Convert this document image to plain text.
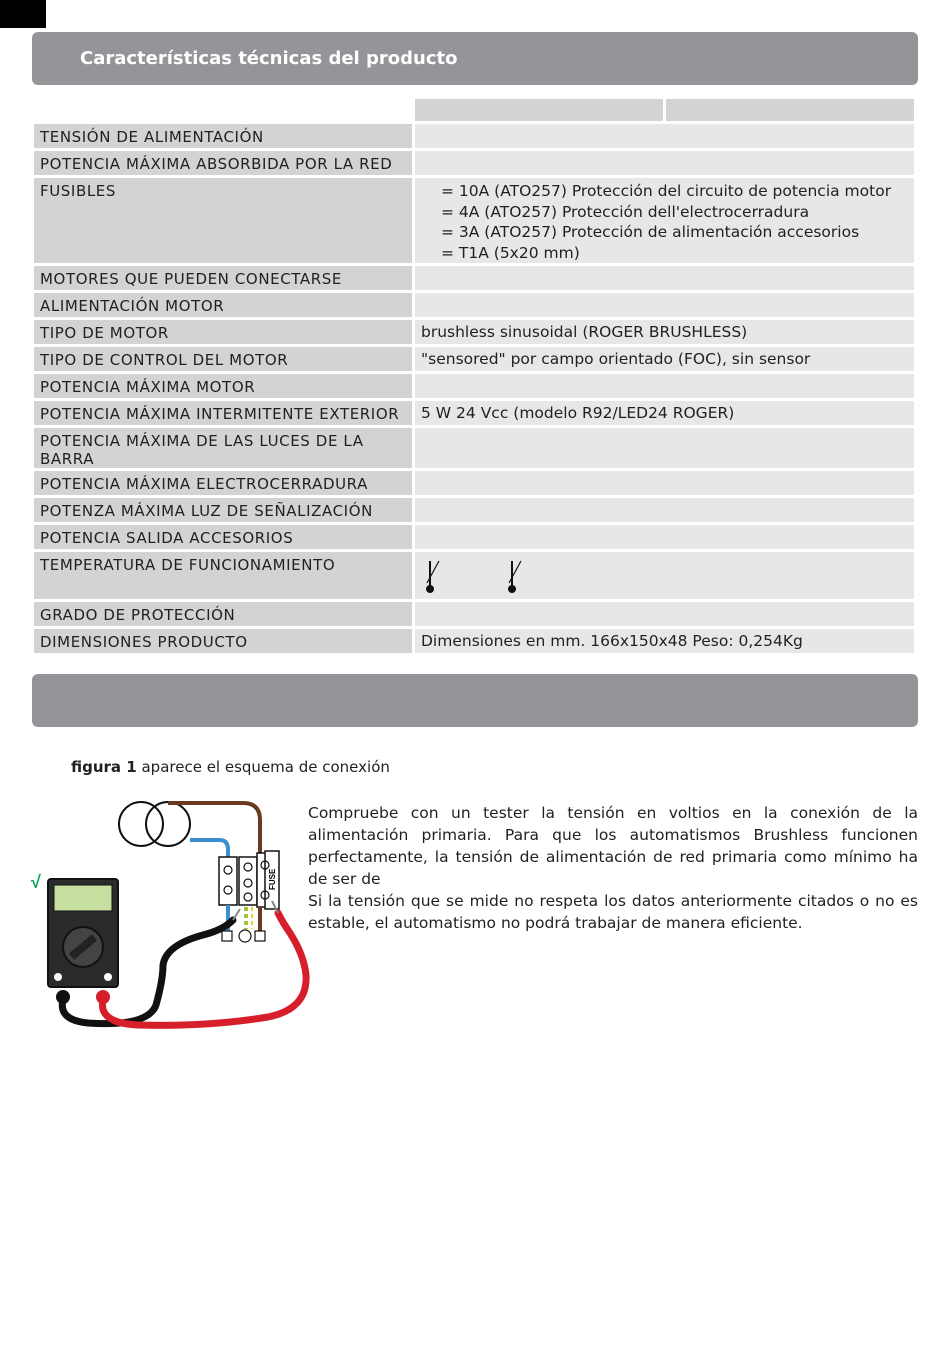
Características técnicas del producto

TENSIÓN DE ALIMENTACIÓN			
POTENCIA MÁXIMA ABSORBIDA POR LA RED			
FUSIBLES	= 10A (ATO257) Protección del circuito de potencia motor
= 4A (ATO257) Protección dell'electrocerradura
= 3A (ATO257) Protección de alimentación accesorios
= T1A (5x20 mm)		

MOTORES QUE PUEDEN CONECTARSE			
ALIMENTACIÓN MOTOR			
TIPO DE MOTOR	brushless sinusoidal (ROGER BRUSHLESS)		
TIPO DE CONTROL DEL MOTOR	"sensored" por campo orientado (FOC), sin sensor		
POTENCIA MÁXIMA MOTOR			
POTENCIA MÁXIMA INTERMITENTE EXTERIOR	5 W 24 Vcc (modelo R92/LED24 ROGER)		
POTENCIA MÁXIMA DE LAS LUCES DE LA BARRA			
POTENCIA MÁXIMA ELECTROCERRADURA			
POTENZA MÁXIMA LUZ DE SEÑALIZACIÓN			
POTENCIA SALIDA ACCESORIOS			
TEMPERATURA DE FUNCIONAMIENTO	
GRADO DE PROTECCIÓN			
DIMENSIONES PRODUCTO	Dimensiones en mm. 166x150x48 Peso: 0,254Kg		
figura 1 aparece el esquema de conexión
FUSE
√

Compruebe con un tester la tensión en voltios en la conexión de la alimentación primaria. Para que los automatismos Brushless funcionen perfectamente, la tensión de alimentación de red primaria como mínimo ha de ser de

Si la tensión que se mide no respeta los datos anteriormente citados o no es estable, el automatismo no podrá trabajar de manera eficiente.
